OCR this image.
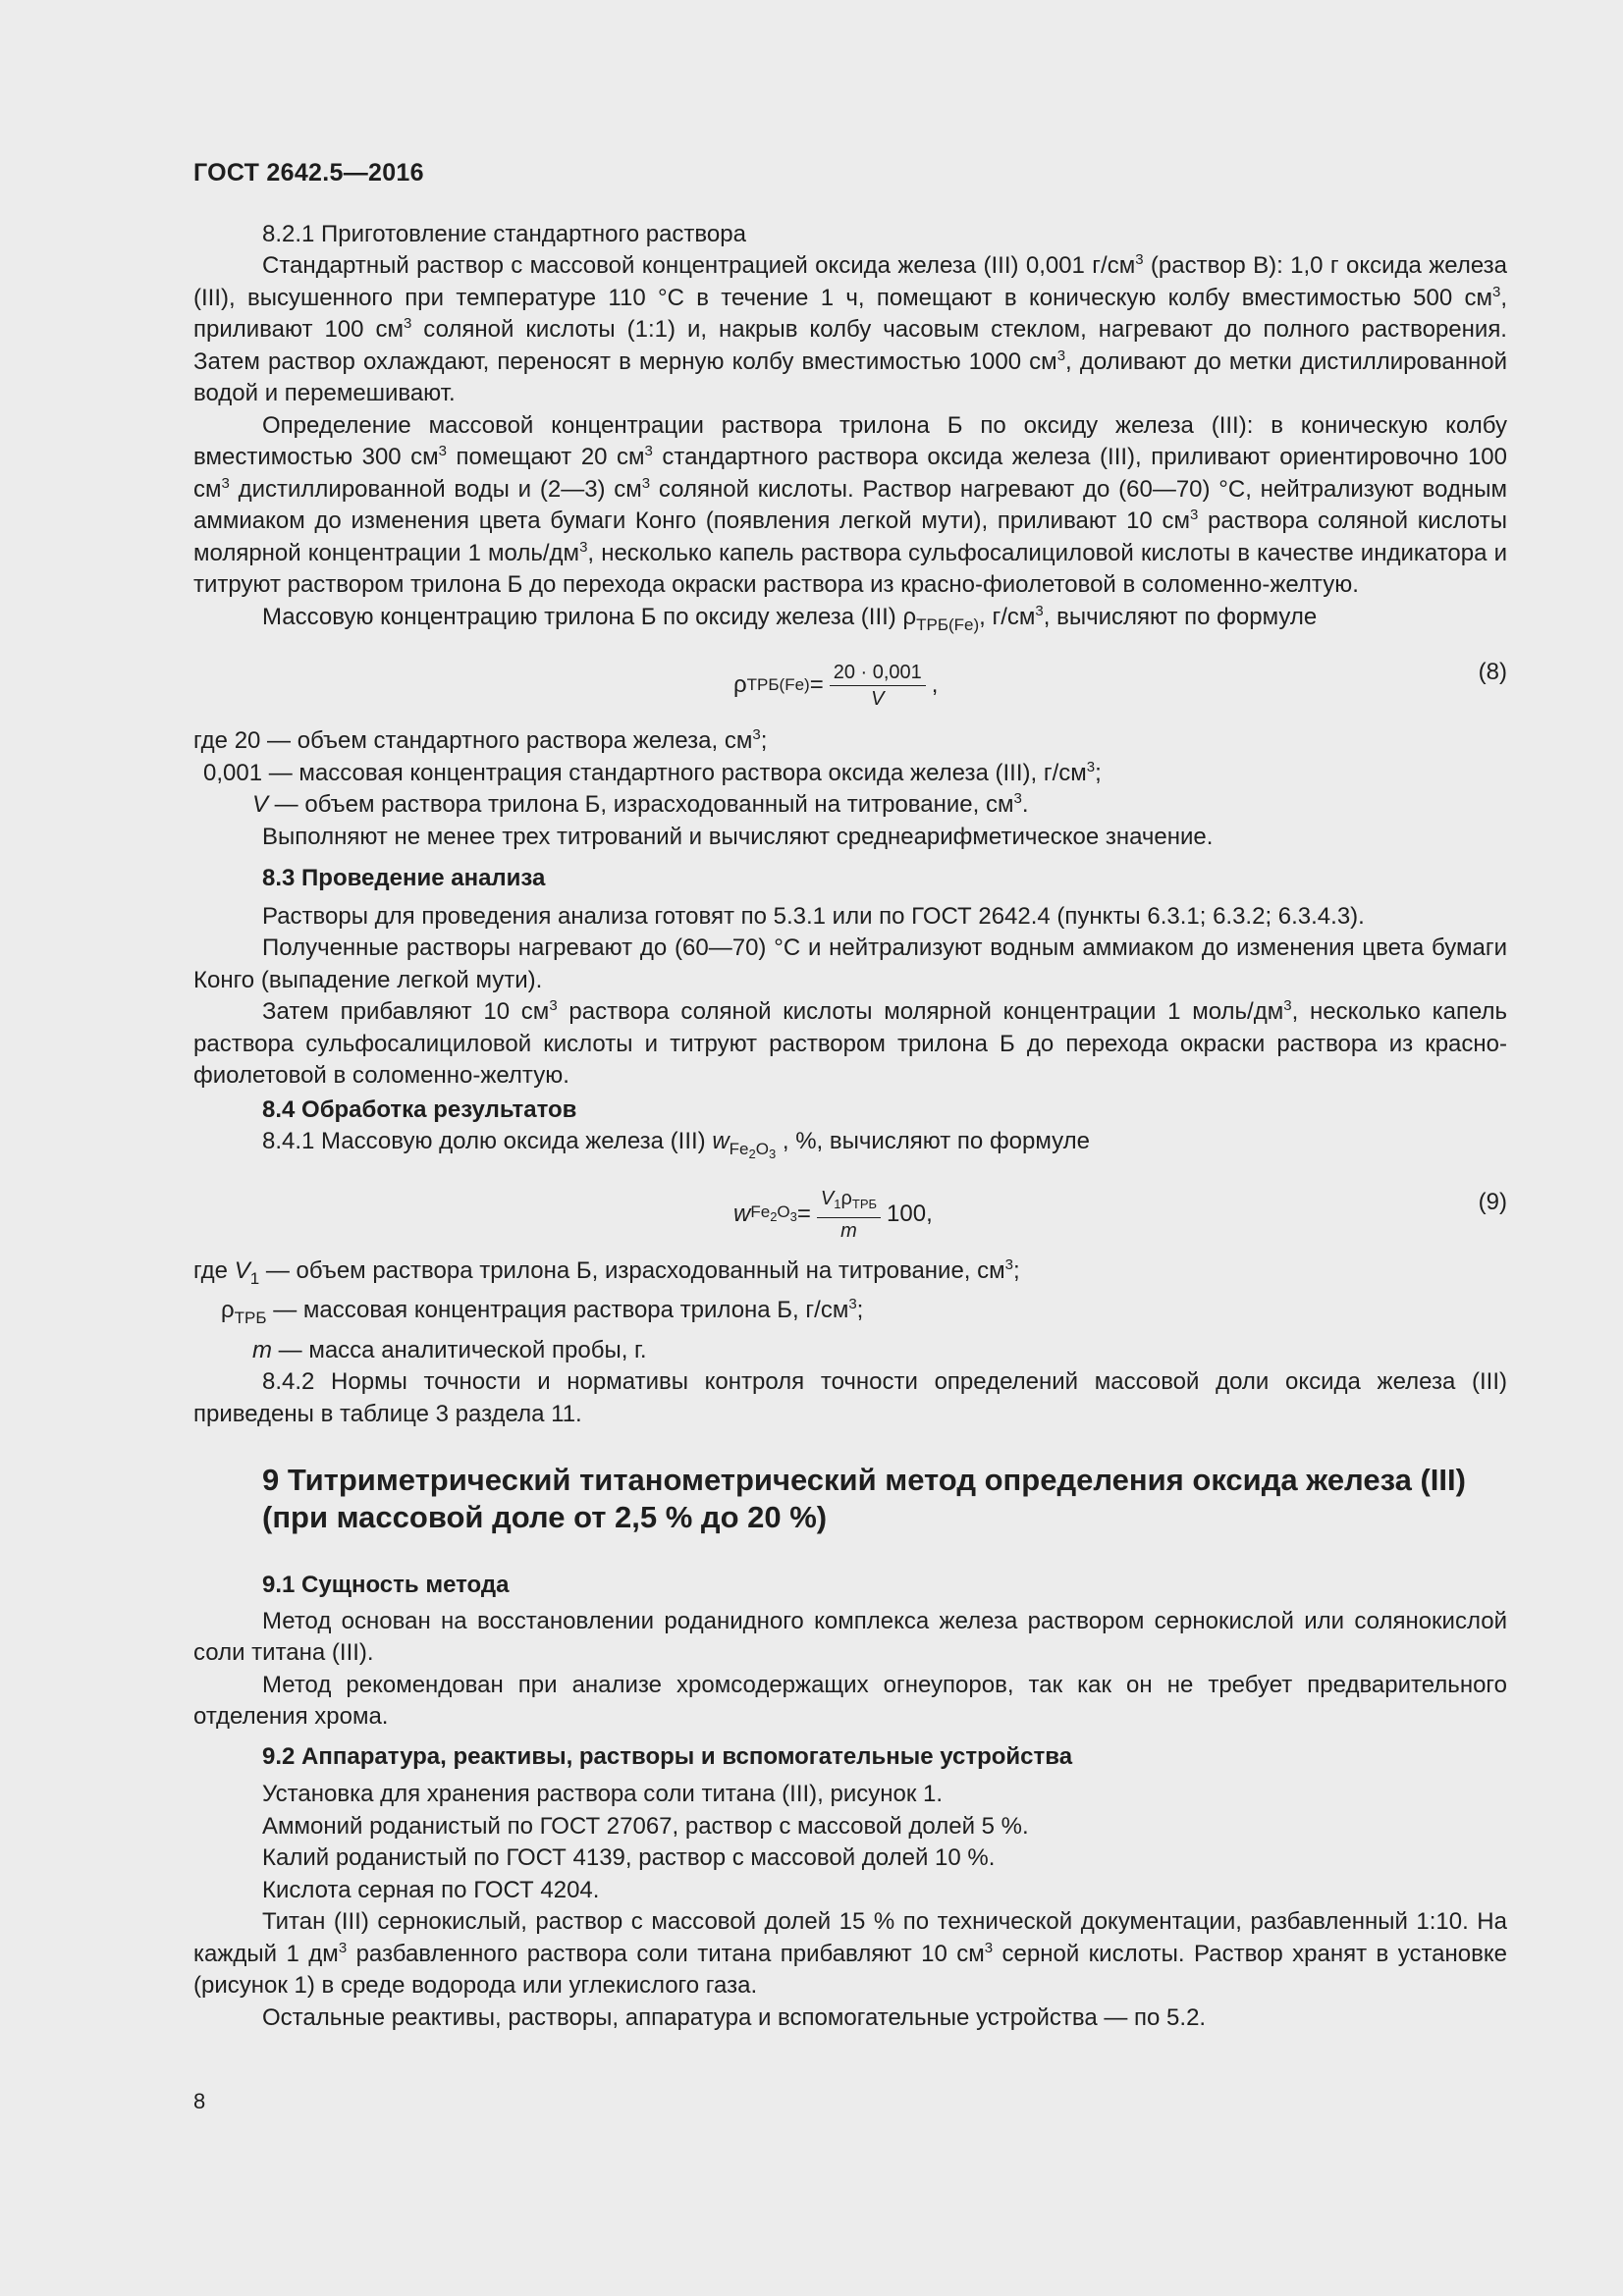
ГОСТ 2642.5—2016

8.2.1 Приготовление стандартного раствора

Стандартный раствор с массовой концентрацией оксида железа (III) 0,001 $г/см^3$ (раствор В): 1,0 г оксида железа (III), высушенного при температуре 110 °С в течение 1 ч, помещают в коническую колбу вместимостью 500 $см^3$, приливают 100 $см^3$ соляной кислоты (1:1) и, накрыв колбу часовым стеклом, нагревают до полного растворения. Затем раствор охлаждают, переносят в мерную колбу вместимостью 1000 $см^3$, доливают до метки дистиллированной водой и перемешивают.

Определение массовой концентрации раствора трилона Б по оксиду железа (III): в коническую колбу вместимостью 300 $см^3$ помещают 20 $см^3$ стандартного раствора оксида железа (III), приливают ориентировочно 100 $см^3$ дистиллированной воды и (2—3) $см^3$ соляной кислоты. Раствор нагревают до (60—70) °С, нейтрализуют водным аммиаком до изменения цвета бумаги Конго (появления легкой мути), приливают 10 $см^3$ раствора соляной кислоты молярной концентрации 1 моль/$дм^3$, несколько капель раствора сульфосалициловой кислоты в качестве индикатора и титруют раствором трилона Б до перехода окраски раствора из красно-фиолетовой в соломенно-желтую.

Массовую концентрацию трилона Б по оксиду железа (III) $\rho_{ТРБ(Fe)}$, $г/см^3$, вычисляют по формуле

ρ $ТРБ(Fe) = \frac{20 \cdot 0,001}{V}$ ,	(8)

где 20 — объем стандартного раствора железа, $см^3$;

0,001 — массовая концентрация стандартного раствора оксида железа (III), $г/см^3$;

V — объем раствора трилона Б, израсходованный на титрование, $см^3$.

Выполняют не менее трех титрований и вычисляют среднеарифметическое значение.

8.3 Проведение анализа

Растворы для проведения анализа готовят по 5.3.1 или по ГОСТ 2642.4 (пункты 6.3.1; 6.3.2; 6.3.4.3).

Полученные растворы нагревают до (60—70) °С и нейтрализуют водным аммиаком до изменения цвета бумаги Конго (выпадение легкой мути).

Затем прибавляют 10 $см^3$ раствора соляной кислоты молярной концентрации 1 моль/$дм^3$, несколько капель раствора сульфосалициловой кислоты и титруют раствором трилона Б до перехода окраски раствора из красно-фиолетовой в соломенно-желтую.

8.4 Обработка результатов

8.4.1 Массовую долю оксида железа (III) $w_{Fe_2O_3}$ , %, вычисляют по формуле

w $Fe_2O_3 = \frac{V_1\rho_{ТРБ}}{m} 100$,	(9)

где $V_1$ — объем раствора трилона Б, израсходованный на титрование, $см^3$;

$\rho_{ТРБ}$ — массовая концентрация раствора трилона Б, $г/см^3$;

m — масса аналитической пробы, г.

8.4.2 Нормы точности и нормативы контроля точности определений массовой доли оксида железа (III) приведены в таблице 3 раздела 11.

9 Титриметрический титанометрический метод определения оксида железа (III) (при массовой доле от 2,5 % до 20 %)
9.1 Сущность метода

Метод основан на восстановлении роданидного комплекса железа раствором сернокислой или солянокислой соли титана (III).

Метод рекомендован при анализе хромсодержащих огнеупоров, так как он не требует предварительного отделения хрома.

9.2 Аппаратура, реактивы, растворы и вспомогательные устройства

Установка для хранения раствора соли титана (III), рисунок 1.

Аммоний роданистый по ГОСТ 27067, раствор с массовой долей 5 %.

Калий роданистый по ГОСТ 4139, раствор с массовой долей 10 %.

Кислота серная по ГОСТ 4204.

Титан (III) сернокислый, раствор с массовой долей 15 % по технической документации, разбавленный 1:10. На каждый 1 $дм^3$ разбавленного раствора соли титана прибавляют 10 $см^3$ серной кислоты. Раствор хранят в установке (рисунок 1) в среде водорода или углекислого газа.

Остальные реактивы, растворы, аппаратура и вспомогательные устройства — по 5.2.

8
